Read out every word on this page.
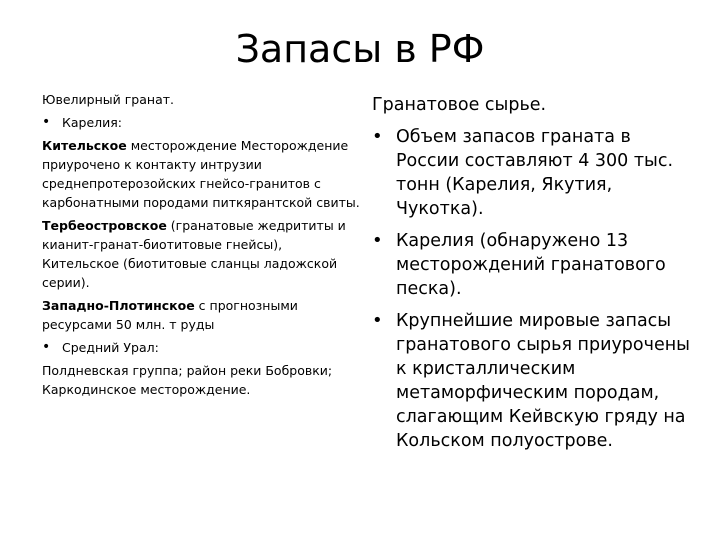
Запасы в РФ

Ювелирный гранат.

• Карелия:

Кительское месторождение Месторождение приурочено к контакту интрузии среднепротерозойских гнейсо-гранитов с карбонатными породами питкярантской свиты.

Тербеостровское (гранатовые жедрититы и кианит-гранат-биотитовые гнейсы), Кительское (биотитовые сланцы ладожской серии).

Западно-Плотинское с прогнозными ресурсами 50 млн. т руды

• Средний Урал:

Полдневская группа; район реки Бобровки; Каркодинское месторождение.

Гранатовое сырье.

• Объем запасов граната в России составляют 4 300 тыс. тонн (Карелия, Якутия, Чукотка).

• Карелия (обнаружено 13 месторождений гранатового песка).

• Крупнейшие мировые запасы гранатового сырья приурочены к кристаллическим метаморфическим породам, слагающим Кейвскую гряду на Кольском полуострове.
